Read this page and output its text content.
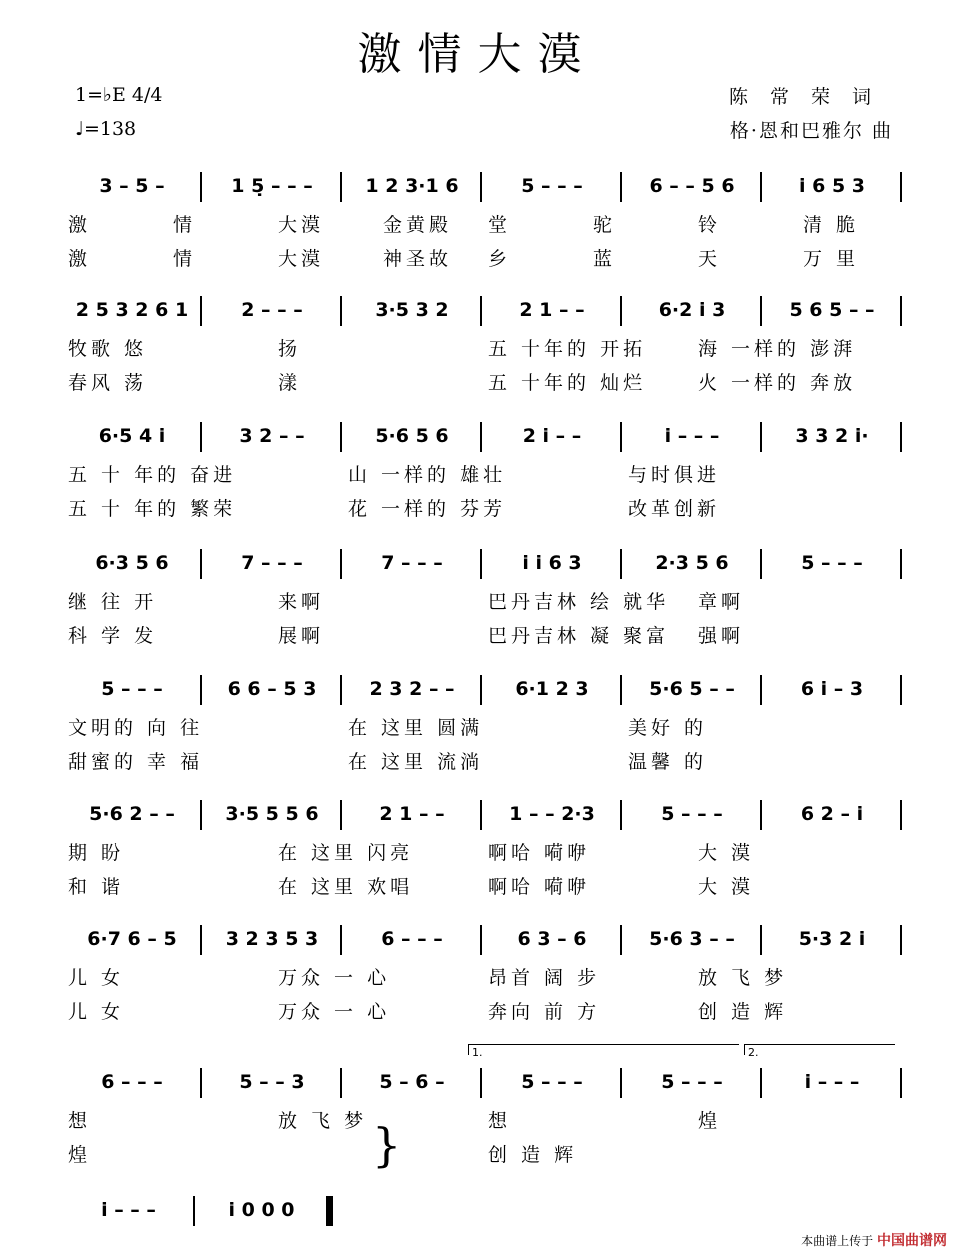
激情大漠
1=♭E 4/4
♩=138
陈常荣词
格·恩和巴雅尔 曲
3 – 5 –	1 5̣ – – –	1 2 3·1 6	5 – – –	6 – – 5 6	i 6 5 3
激	情	大漠	金黄殿 堂	驼	铃	清 脆
激	情	大漠	神圣故 乡	蓝	天	万 里
2 5 3 2 6 1	2 – – –	3·5 3 2	2 1 – –	6·2 i 3	5 6 5 – –
牧歌 悠	扬	五 十年的 开拓	海 一样的 澎湃
春风 荡	漾	五 十年的 灿烂	火 一样的 奔放
6·5 4 i	3 2 – –	5·6 5 6	2 i – –	i – – –	3 3 2 i·
五 十 年的 奋进	山 一样的 雄壮	与时俱进
五 十 年的 繁荣	花 一样的 芬芳	改革创新
6·3 5 6	7 – – –	7 – – –	i i 6 3	2·3 5 6	5 – – –
继 往 开	来啊	巴丹吉林 绘 就华 章啊
科 学 发	展啊	巴丹吉林 凝 聚富 强啊
5 – – –	6 6 – 5 3	2 3 2 – –	6·1 2 3	5·6 5 – –	6 i – 3
文明的 向 往	在 这里 圆满	美好 的
甜蜜的 幸 福	在 这里 流淌	温馨 的
5·6 2 – –	3·5 5 5 6	2 1 – –	1 – – 2·3	5 – – –	6 2 – i
期 盼	在 这里 闪亮	啊哈 嗬咿	大 漠
和 谐	在 这里 欢唱	啊哈 嗬咿	大 漠
6·7 6 – 5	3 2 3 5 3	6 – – –	6 3 – 6	5·6 3 – –	5·3 2 i
儿 女	万众 一 心	昂首 阔 步	放 飞 梦
儿 女	万众 一 心	奔向 前 方	创 造 辉
6 – – –	5 – – 3	5 – 6 –	5 – – –	5 – – –	i – – –
想	放 飞 梦	想	煌
煌	创 造 辉
i – – –	i 0 0 0
}
1.	2.
本曲谱上传于 中国曲谱网
